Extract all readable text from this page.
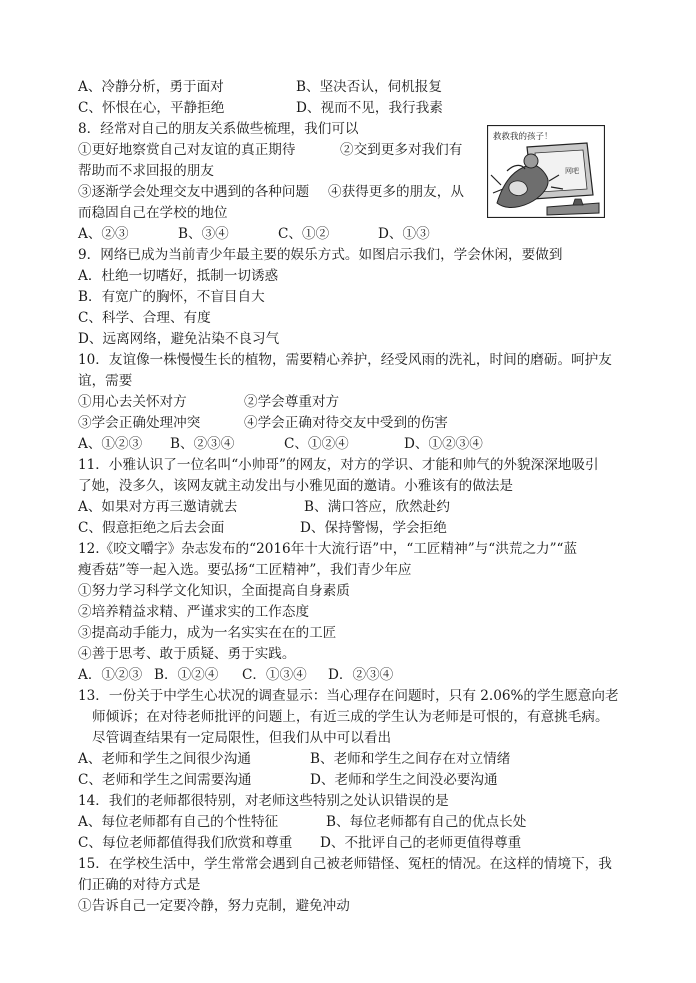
A、冷静分析，勇于面对	B、坚决否认，伺机报复
C、怀恨在心，平静拒绝	D、视而不见，我行我素
8．经常对自己的朋友关系做些梳理，我们可以
①更好地察赏自己对友谊的真正期待	②交到更多对我们有
帮助而不求回报的朋友
③逐渐学会处理交友中遇到的各种问题 ④获得更多的朋友，从
而稳固自己在学校的地位
A、②③	B、③④	C、①②	D、①③
9．网络已成为当前青少年最主要的娱乐方式。如图启示我们，学会休闲，要做到
A．杜绝一切嗜好，抵制一切诱惑
B．有宽广的胸怀，不盲目自大
C、科学、合理、有度
D、远离网络，避免沾染不良习气
10．友谊像一株慢慢生长的植物，需要精心养护，经受风雨的洗礼，时间的磨砺。呵护友
谊，需要
①用心去关怀对方	②学会尊重对方
③学会正确处理冲突	④学会正确对待交友中受到的伤害
A、①②③ B、②③④	C、①②④	D、①②③④
11．小雅认识了一位名叫“小帅哥”的网友，对方的学识、才能和帅气的外貌深深地吸引
了她，没多久，该网友就主动发出与小雅见面的邀请。小雅该有的做法是
A、如果对方再三邀请就去	B、满口答应，欣然赴约
C、假意拒绝之后去会面	D、保持警惕，学会拒绝
12.《咬文嚼字》杂志发布的“2016年十大流行语”中，“工匠精神”与“洪荒之力”“蓝
瘦香菇”等一起入选。要弘扬“工匠精神”，我们青少年应
①努力学习科学文化知识，全面提高自身素质
②培养精益求精、严谨求实的工作态度
③提高动手能力，成为一名实实在在的工匠
④善于思考、敢于质疑、勇于实践。
A．①②③ B．①②④ C．①③④ D．②③④
13．一份关于中学生心状况的调查显示：当心理存在问题时，只有 2.06%的学生愿意向老
师倾诉；在对待老师批评的问题上，有近三成的学生认为老师是可恨的，有意挑毛病。
尽管调查结果有一定局限性，但我们从中可以看出
A、老师和学生之间很少沟通	B、老师和学生之间存在对立情绪
C、老师和学生之间需要沟通	D、老师和学生之间没必要沟通
14．我们的老师都很特别，对老师这些特别之处认识错误的是
A、每位老师都有自己的个性特征	B、每位老师都有自己的优点长处
C、每位老师都值得我们欣赏和尊重 D、不批评自己的老师更值得尊重
15．在学校生活中，学生常常会遇到自己被老师错怪、冤枉的情况。在这样的情境下，我
们正确的对待方式是
①告诉自己一定要冷静，努力克制，避免冲动
救救我的孩子！
网吧
